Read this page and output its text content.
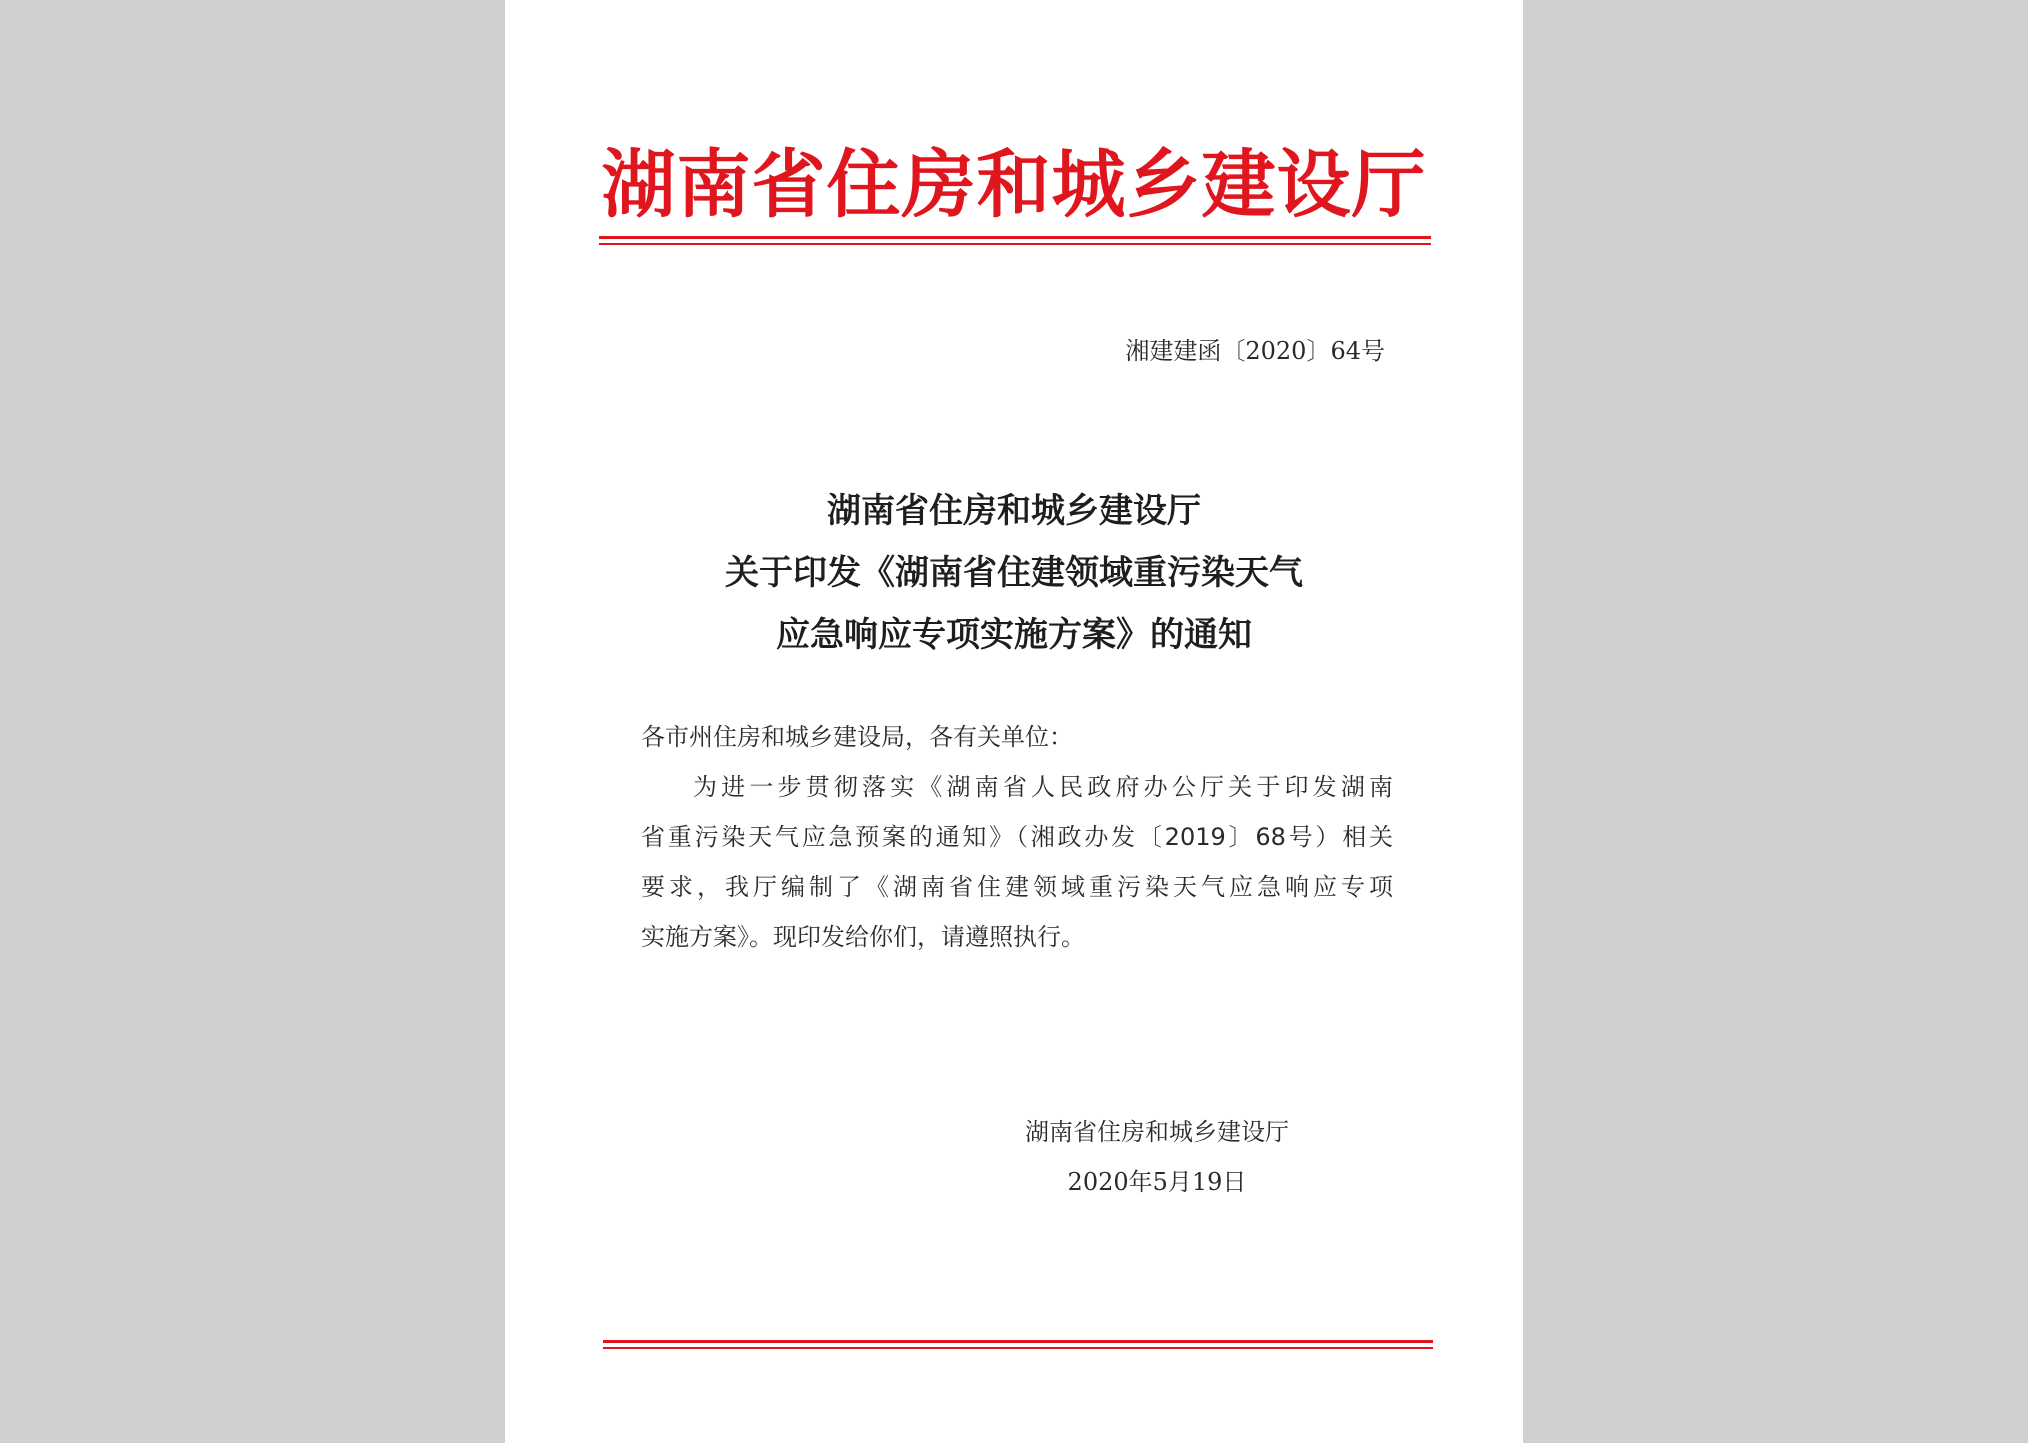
湖南省住房和城乡建设厅
湘建建函〔2020〕64号
湖南省住房和城乡建设厅
关于印发《湖南省住建领域重污染天气
应急响应专项实施方案》的通知
各市州住房和城乡建设局，各有关单位：
为进一步贯彻落实《湖南省人民政府办公厅关于印发湖南
省重污染天气应急预案的通知》（湘政办发〔2019〕68号）相关
要求，我厅编制了《湖南省住建领域重污染天气应急响应专项
实施方案》。现印发给你们，请遵照执行。
湖南省住房和城乡建设厅
2020年5月19日
